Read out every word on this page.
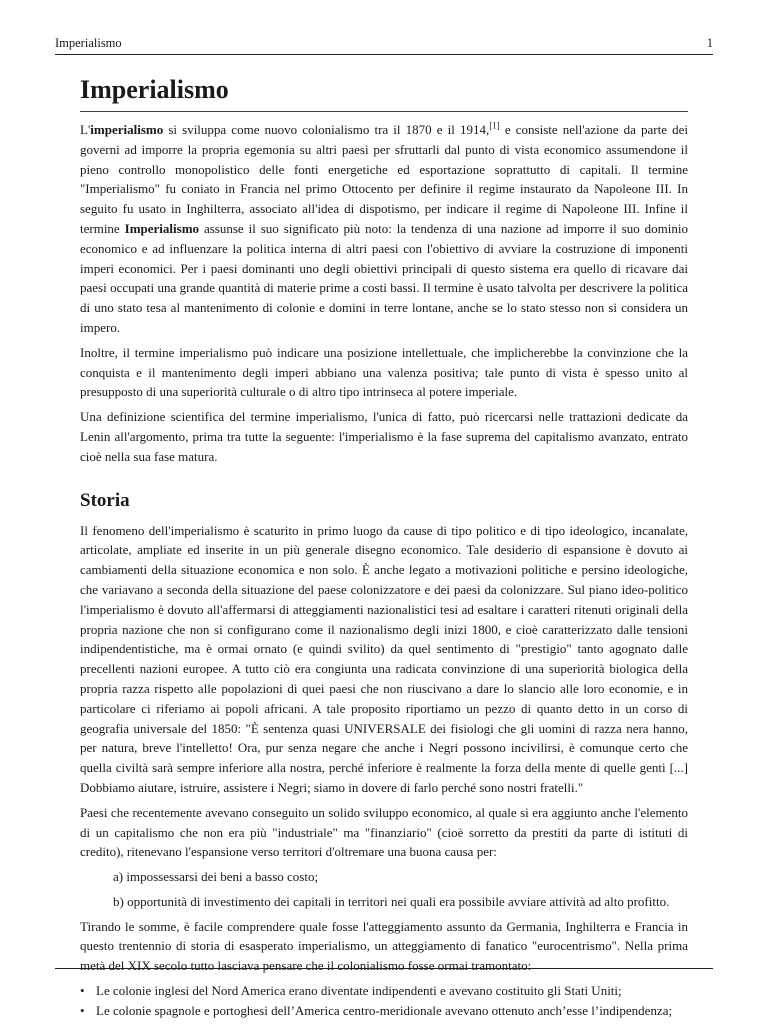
Imperialismo	1
Imperialismo

L'imperialismo si sviluppa come nuovo colonialismo tra il 1870 e il 1914,[1] e consiste nell'azione da parte dei governi ad imporre la propria egemonia su altri paesi per sfruttarli dal punto di vista economico assumendone il pieno controllo monopolistico delle fonti energetiche ed esportazione soprattutto di capitali. Il termine "Imperialismo" fu coniato in Francia nel primo Ottocento per definire il regime instaurato da Napoleone III. In seguito fu usato in Inghilterra, associato all'idea di dispotismo, per indicare il regime di Napoleone III. Infine il termine Imperialismo assunse il suo significato più noto: la tendenza di una nazione ad imporre il suo dominio economico e ad influenzare la politica interna di altri paesi con l'obiettivo di avviare la costruzione di imponenti imperi economici. Per i paesi dominanti uno degli obiettivi principali di questo sistema era quello di ricavare dai paesi occupati una grande quantità di materie prime a costi bassi. Il termine è usato talvolta per descrivere la politica di uno stato tesa al mantenimento di colonie e domini in terre lontane, anche se lo stato stesso non si considera un impero.

Inoltre, il termine imperialismo può indicare una posizione intellettuale, che implicherebbe la convinzione che la conquista e il mantenimento degli imperi abbiano una valenza positiva; tale punto di vista è spesso unito al presupposto di una superiorità culturale o di altro tipo intrinseca al potere imperiale.

Una definizione scientifica del termine imperialismo, l'unica di fatto, può ricercarsi nelle trattazioni dedicate da Lenin all'argomento, prima tra tutte la seguente: l'imperialismo è la fase suprema del capitalismo avanzato, entrato cioè nella sua fase matura.

Storia

Il fenomeno dell'imperialismo è scaturito in primo luogo da cause di tipo politico e di tipo ideologico, incanalate, articolate, ampliate ed inserite in un più generale disegno economico. Tale desiderio di espansione è dovuto ai cambiamenti della situazione economica e non solo. È anche legato a motivazioni politiche e persino ideologiche, che variavano a seconda della situazione del paese colonizzatore e dei paesi da colonizzare. Sul piano ideo-politico l'imperialismo è dovuto all'affermarsi di atteggiamenti nazionalistici tesi ad esaltare i caratteri ritenuti originali della propria nazione che non si configurano come il nazionalismo degli inizi 1800, e cioè caratterizzato dalle tensioni indipendentistiche, ma è ormai ornato (e quindi svilito) da quel sentimento di "prestigio" tanto agognato dalle precellenti nazioni europee. A tutto ciò era congiunta una radicata convinzione di una superiorità biologica della propria razza rispetto alle popolazioni di quei paesi che non riuscivano a dare lo slancio alle loro economie, e in particolare ci riferiamo ai popoli africani. A tale proposito riportiamo un pezzo di quanto detto in un corso di geografia universale del 1850: "È sentenza quasi UNIVERSALE dei fisiologi che gli uomini di razza nera hanno, per natura, breve l'intelletto! Ora, pur senza negare che anche i Negri possono incivilirsi, è comunque certo che quella civiltà sarà sempre inferiore alla nostra, perché inferiore è realmente la forza della mente di quelle genti [...] Dobbiamo aiutare, istruire, assistere i Negri; siamo in dovere di farlo perché sono nostri fratelli."

Paesi che recentemente avevano conseguito un solido sviluppo economico, al quale si era aggiunto anche l'elemento di un capitalismo che non era più "industriale" ma "finanziario" (cioè sorretto da prestiti da parte di istituti di credito), ritenevano l'espansione verso territori d'oltremare una buona causa per:

a) impossessarsi dei beni a basso costo;

b) opportunità di investimento dei capitali in territori nei quali era possibile avviare attività ad alto profitto.

Tirando le somme, è facile comprendere quale fosse l'atteggiamento assunto da Germania, Inghilterra e Francia in questo trentennio di storia di esasperato imperialismo, un atteggiamento di fanatico "eurocentrismo". Nella prima metà del XIX secolo tutto lasciava pensare che il colonialismo fosse ormai tramontato:

• Le colonie inglesi del Nord America erano diventate indipendenti e avevano costituito gli Stati Uniti;
• Le colonie spagnole e portoghesi dell’America centro-meridionale avevano ottenuto anch’esse l’indipendenza;
